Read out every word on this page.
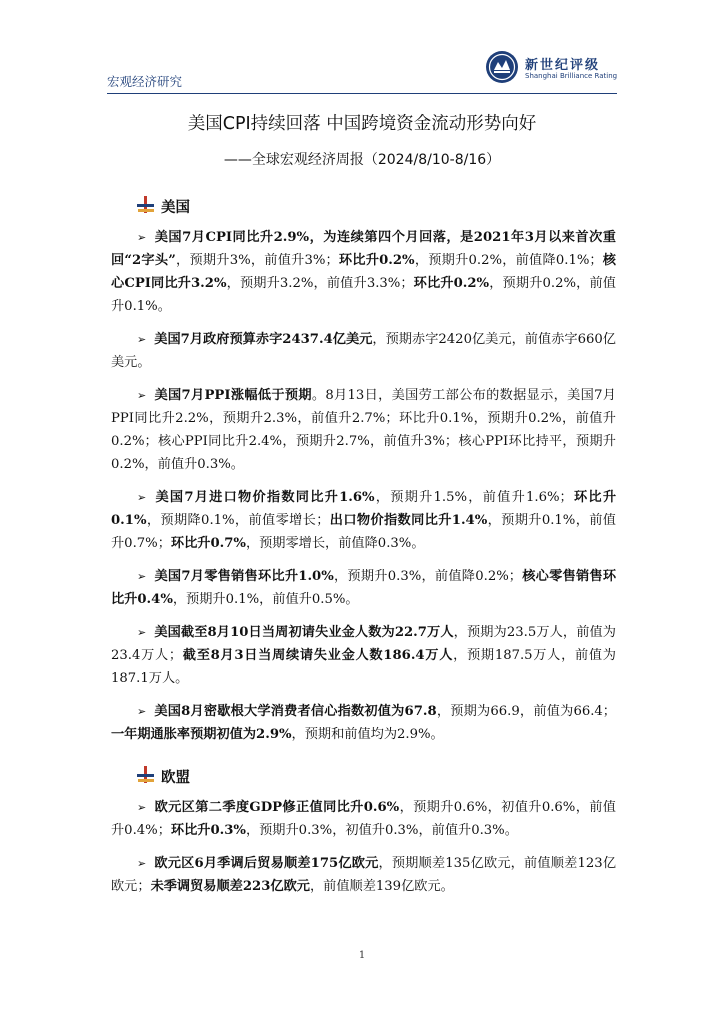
宏观经济研究
新世纪评级
Shanghai Brilliance Rating
美国CPI持续回落 中国跨境资金流动形势向好
——全球宏观经济周报（2024/8/10-8/16）
美国

➢ 美国7月CPI同比升2.9%，为连续第四个月回落，是2021年3月以来首次重回“2字头”，预期升3%，前值升3%；环比升0.2%，预期升0.2%，前值降0.1%；核心CPI同比升3.2%，预期升3.2%，前值升3.3%；环比升0.2%，预期升0.2%，前值升0.1%。

➢ 美国7月政府预算赤字2437.4亿美元，预期赤字2420亿美元，前值赤字660亿美元。

➢ 美国7月PPI涨幅低于预期。8月13日，美国劳工部公布的数据显示，美国7月PPI同比升2.2%，预期升2.3%，前值升2.7%；环比升0.1%，预期升0.2%，前值升0.2%；核心PPI同比升2.4%，预期升2.7%，前值升3%；核心PPI环比持平，预期升0.2%，前值升0.3%。

➢ 美国7月进口物价指数同比升1.6%，预期升1.5%，前值升1.6%；环比升0.1%，预期降0.1%，前值零增长；出口物价指数同比升1.4%，预期升0.1%，前值升0.7%；环比升0.7%，预期零增长，前值降0.3%。

➢ 美国7月零售销售环比升1.0%，预期升0.3%，前值降0.2%；核心零售销售环比升0.4%，预期升0.1%，前值升0.5%。

➢ 美国截至8月10日当周初请失业金人数为22.7万人，预期为23.5万人，前值为23.4万人；截至8月3日当周续请失业金人数186.4万人，预期187.5万人，前值为187.1万人。

➢ 美国8月密歇根大学消费者信心指数初值为67.8，预期为66.9，前值为66.4；一年期通胀率预期初值为2.9%，预期和前值均为2.9%。

欧盟

➢ 欧元区第二季度GDP修正值同比升0.6%，预期升0.6%，初值升0.6%，前值升0.4%；环比升0.3%，预期升0.3%，初值升0.3%，前值升0.3%。

➢ 欧元区6月季调后贸易顺差175亿欧元，预期顺差135亿欧元，前值顺差123亿欧元；未季调贸易顺差223亿欧元，前值顺差139亿欧元。

1
